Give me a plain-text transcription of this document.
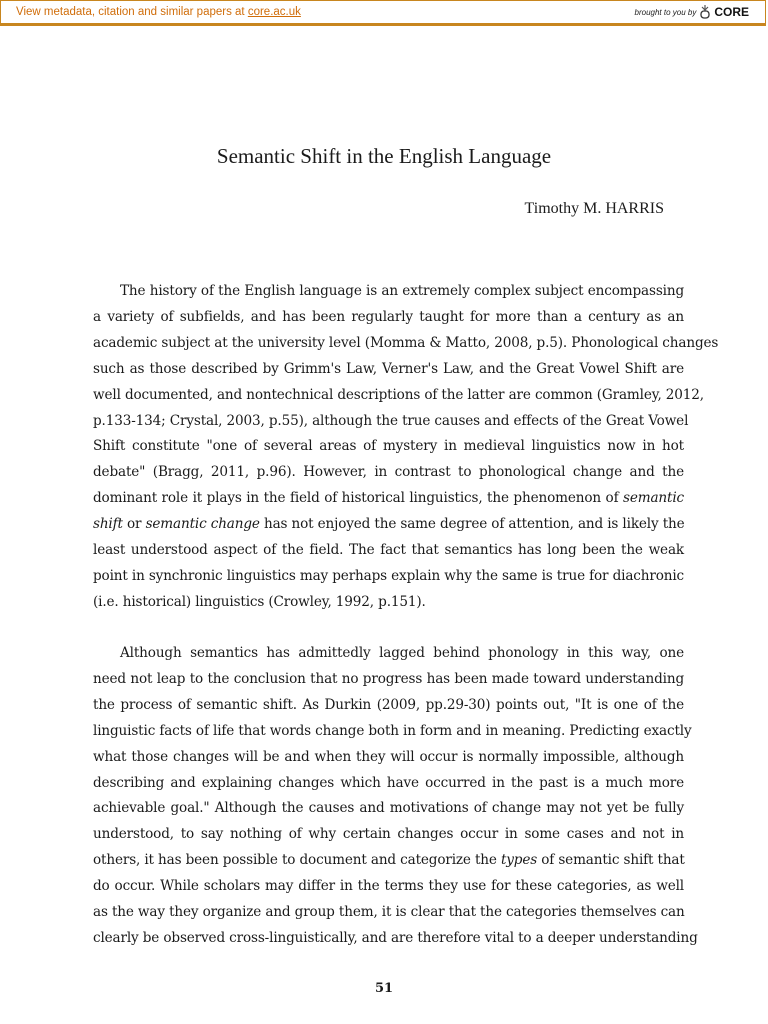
View metadata, citation and similar papers at core.ac.uk	brought to you by CORE
Semantic Shift in the English Language
Timothy M. HARRIS
The history of the English language is an extremely complex subject encompassing
a variety of subfields, and has been regularly taught for more than a century as an
academic subject at the university level (Momma & Matto, 2008, p.5). Phonological changes
such as those described by Grimm's Law, Verner's Law, and the Great Vowel Shift are
well documented, and nontechnical descriptions of the latter are common (Gramley, 2012,
p.133-134; Crystal, 2003, p.55), although the true causes and effects of the Great Vowel
Shift constitute "one of several areas of mystery in medieval linguistics now in hot
debate" (Bragg, 2011, p.96). However, in contrast to phonological change and the
dominant role it plays in the field of historical linguistics, the phenomenon of semantic
shift or semantic change has not enjoyed the same degree of attention, and is likely the
least understood aspect of the field. The fact that semantics has long been the weak
point in synchronic linguistics may perhaps explain why the same is true for diachronic
(i.e. historical) linguistics (Crowley, 1992, p.151).
Although semantics has admittedly lagged behind phonology in this way, one
need not leap to the conclusion that no progress has been made toward understanding
the process of semantic shift. As Durkin (2009, pp.29-30) points out, "It is one of the
linguistic facts of life that words change both in form and in meaning. Predicting exactly
what those changes will be and when they will occur is normally impossible, although
describing and explaining changes which have occurred in the past is a much more
achievable goal." Although the causes and motivations of change may not yet be fully
understood, to say nothing of why certain changes occur in some cases and not in
others, it has been possible to document and categorize the types of semantic shift that
do occur. While scholars may differ in the terms they use for these categories, as well
as the way they organize and group them, it is clear that the categories themselves can
clearly be observed cross-linguistically, and are therefore vital to a deeper understanding
51
